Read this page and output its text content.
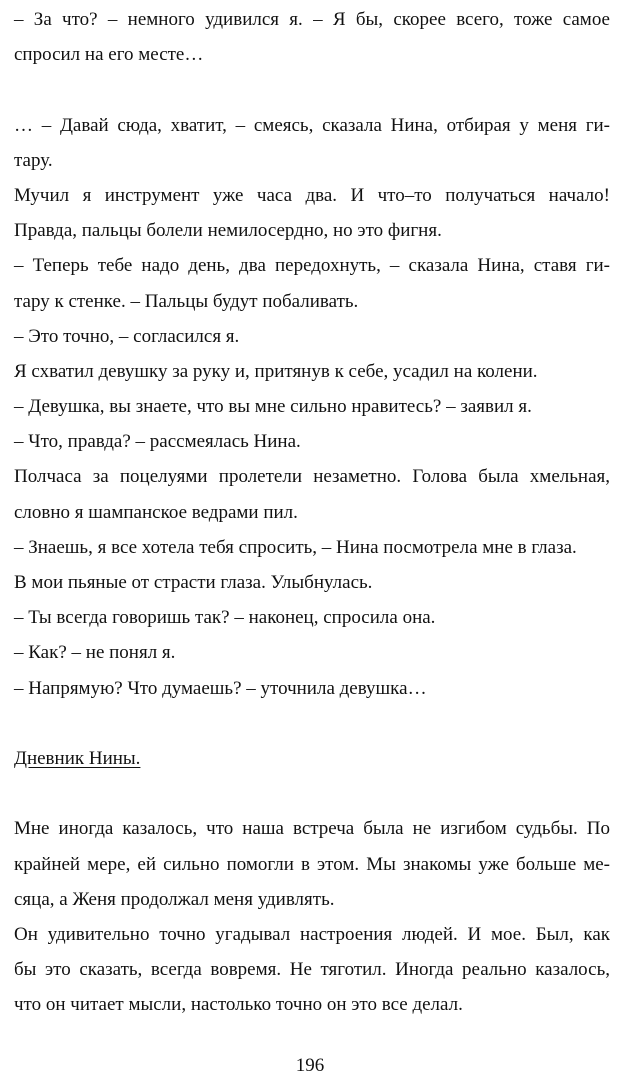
– За что? – немного удивился я. – Я бы, скорее всего, тоже самое
спросил на его месте…
… – Давай сюда, хватит, – смеясь, сказала Нина, отбирая у меня ги-
тару.
Мучил я инструмент уже часа два. И что–то получаться начало!
Правда, пальцы болели немилосердно, но это фигня.
– Теперь тебе надо день, два передохнуть, – сказала Нина, ставя ги-
тару к стенке. – Пальцы будут побаливать.
– Это точно, – согласился я.
Я схватил девушку за руку и, притянув к себе, усадил на колени.
– Девушка, вы знаете, что вы мне сильно нравитесь? – заявил я.
– Что, правда? – рассмеялась Нина.
Полчаса за поцелуями пролетели незаметно. Голова была хмельная,
словно я шампанское ведрами пил.
– Знаешь, я все хотела тебя спросить, – Нина посмотрела мне в глаза.
В мои пьяные от страсти глаза. Улыбнулась.
– Ты всегда говоришь так? – наконец, спросила она.
– Как? – не понял я.
– Напрямую? Что думаешь? – уточнила девушка…
Дневник Нины.
Мне иногда казалось, что наша встреча была не изгибом судьбы. По
крайней мере, ей сильно помогли в этом. Мы знакомы уже больше ме-
сяца, а Женя продолжал меня удивлять.
Он удивительно точно угадывал настроения людей. И мое. Был, как
бы это сказать, всегда вовремя. Не тяготил. Иногда реально казалось,
что он читает мысли, настолько точно он это все делал.
196
